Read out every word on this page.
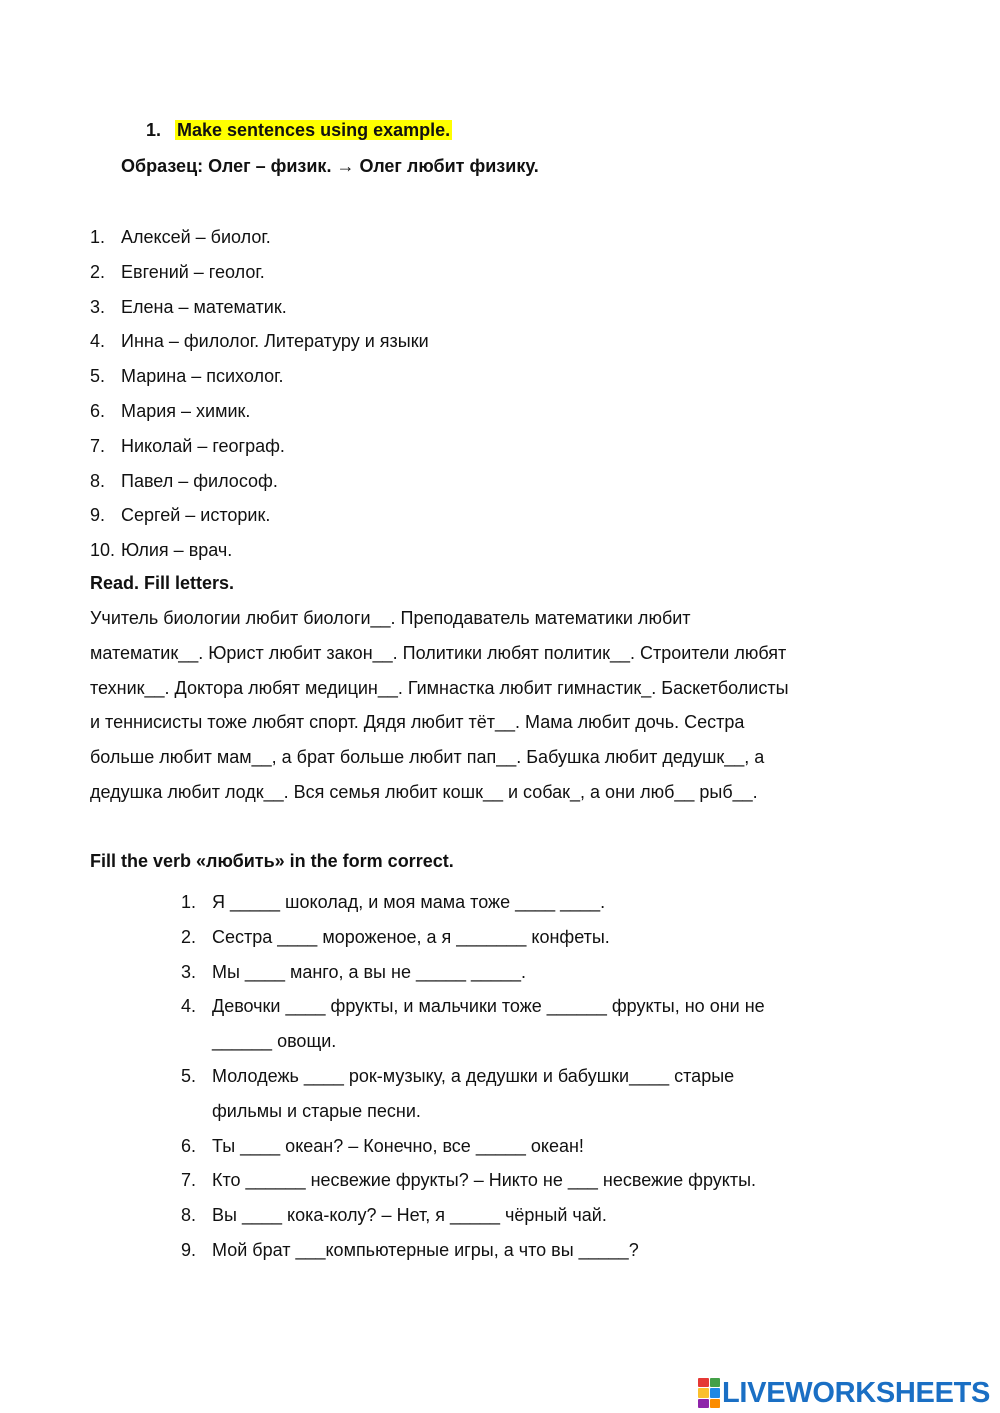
1. Make sentences using example.
Образец: Олег – физик. → Олег любит физику.
1. Алексей – биолог.
2. Евгений – геолог.
3. Елена – математик.
4. Инна – филолог. Литературу и языки
5. Марина – психолог.
6. Мария – химик.
7. Николай – географ.
8. Павел – философ.
9. Сергей – историк.
10. Юлия – врач.
Read. Fill letters.
Учитель биологии любит биологи__. Преподаватель математики любит
математик__. Юрист любит закон__. Политики любят политик__. Строители любят
техник__. Доктора любят медицин__. Гимнастка любит гимнастик_. Баскетболисты
и теннисисты тоже любят спорт. Дядя любит тёт__. Мама любит дочь. Сестра
больше любит мам__, а брат больше любит пап__. Бабушка любит дедушк__, а
дедушка любит лодк__. Вся семья любит кошк__ и собак_, а они люб__ рыб__.
Fill the verb «любить» in the form correct.
1. Я _____ шоколад, и моя мама тоже ____ ____.
2. Сестра ____ мороженое, а я _______ конфеты.
3. Мы ____ манго, а вы не _____ _____.
4. Девочки ____ фрукты, и мальчики тоже ______ фрукты, но они не
______ овощи.
5. Молодежь ____ рок-музыку, а дедушки и бабушки____ старые
фильмы и старые песни.
6. Ты ____ океан? – Конечно, все _____ океан!
7. Кто ______ несвежие фрукты? – Никто не ___ несвежие фрукты.
8. Вы ____ кока-колу? – Нет, я _____ чёрный чай.
9. Мой брат ___компьютерные игры, а что вы _____?
LIVEWORKSHEETS
